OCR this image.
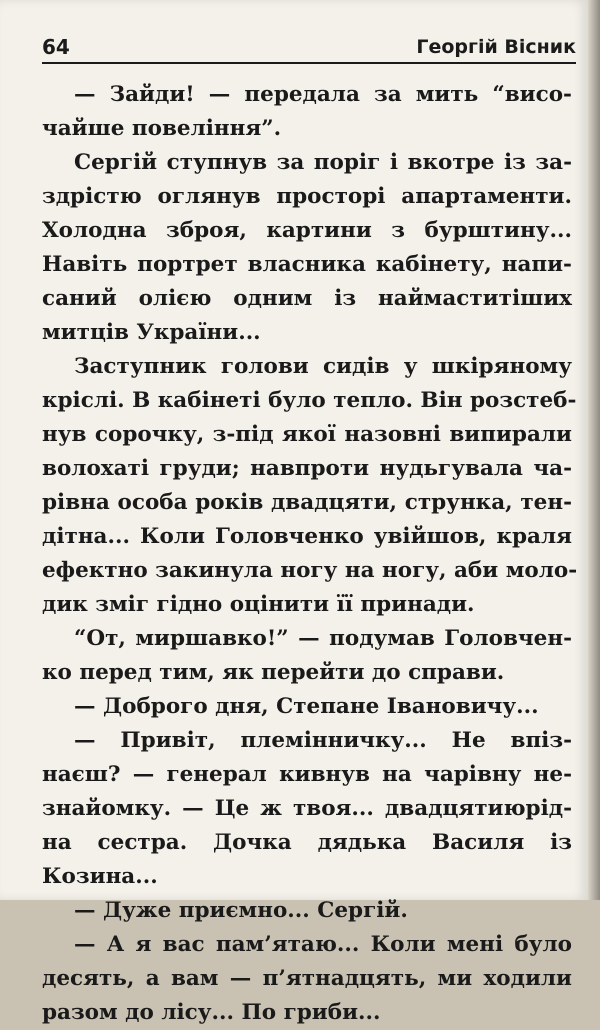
64	Георгій Вісник
— Зайди! — передала за мить “висо-
чайше повеління”.
Сергій ступнув за поріг і вкотре із за-
здрістю оглянув просторі апартаменти.
Холодна зброя, картини з бурштину...
Навіть портрет власника кабінету, напи-
саний олією одним із наймаститіших
митців України...
Заступник голови сидів у шкіряному
кріслі. В кабінеті було тепло. Він розстеб-
нув сорочку, з-під якої назовні випирали
волохаті груди; навпроти нудьгувала ча-
рівна особа років двадцяти, струнка, тен-
дітна... Коли Головченко увійшов, краля
ефектно закинула ногу на ногу, аби моло-
дик зміг гідно оцінити її принади.
“От, миршавко!” — подумав Головчен-
ко перед тим, як перейти до справи.
— Доброго дня, Степане Івановичу...
— Привіт, племінничку... Не впіз-
наєш? — генерал кивнув на чарівну не-
знайомку. — Це ж твоя... двадцятиюрід-
на сестра. Дочка дядька Василя із
Козина...
— Дуже приємно... Сергій.
— А я вас пам’ятаю... Коли мені було
десять, а вам — п’ятнадцять, ми ходили
разом до лісу... По гриби...
